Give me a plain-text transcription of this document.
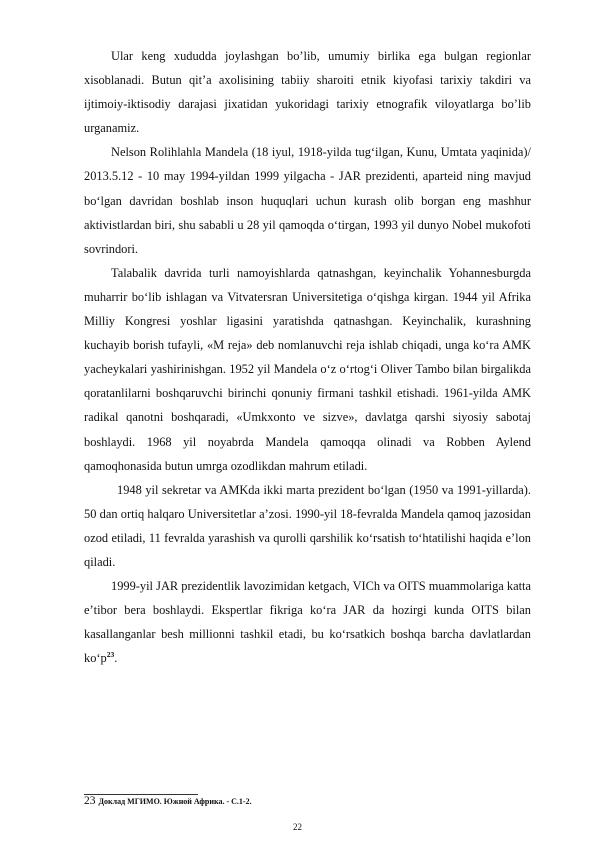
Ular keng xududda joylashgan bo’lib, umumiy birlika ega bulgan regionlar xisoblanadi. Butun qit’a axolisining tabiiy sharoiti etnik kiyofasi tarixiy takdiri va ijtimoiy-iktisodiy darajasi jixatidan yukoridagi tarixiy etnografik viloyatlarga bo’lib urganamiz.

Nelson Rolihlahla Mandela (18 iyul, 1918-yilda tugʻilgan, Kunu, Umtata yaqinida)/ 2013.5.12 - 10 may 1994-yildan 1999 yilgacha - JAR prezidenti, aparteid ning mavjud boʻlgan davridan boshlab inson huquqlari uchun kurash olib borgan eng mashhur aktivistlardan biri, shu sababli u 28 yil qamoqda oʻtirgan, 1993 yil dunyo Nobel mukofoti sovrindori.

Talabalik davrida turli namoyishlarda qatnashgan, keyinchalik Yohannesburgda muharrir boʻlib ishlagan va Vitvatersran Universitetiga oʻqishga kirgan. 1944 yil Afrika Milliy Kongresi yoshlar ligasini yaratishda qatnashgan. Keyinchalik, kurashning kuchayib borish tufayli, «M reja» deb nomlanuvchi reja ishlab chiqadi, unga koʻra AMK yacheykalari yashirinishgan. 1952 yil Mandela oʻz oʻrtogʻi Oliver Tambo bilan birgalikda qoratanlilarni boshqaruvchi birinchi qonuniy firmani tashkil etishadi. 1961-yilda AMK radikal qanotni boshqaradi, «Umkxonto ve sizve», davlatga qarshi siyosiy sabotaj boshlaydi. 1968 yil noyabrda Mandela qamoqqa olinadi va Robben Aylend qamoqhonasida butun umrga ozodlikdan mahrum etiladi.

1948 yil sekretar va AMKda ikki marta prezident boʻlgan (1950 va 1991-yillarda). 50 dan ortiq halqaro Universitetlar aʼzosi. 1990-yil 18-fevralda Mandela qamoq jazosidan ozod etiladi, 11 fevralda yarashish va qurolli qarshilik koʻrsatish toʻhtatilishi haqida eʼlon qiladi.

1999-yil JAR prezidentlik lavozimidan ketgach, VICh va OITS muammolariga katta eʼtibor bera boshlaydi. Ekspertlar fikriga koʻra JAR da hozirgi kunda OITS bilan kasallanganlar besh millionni tashkil etadi, bu koʻrsatkich boshqa barcha davlatlardan koʻp$^{23}$.

23 Доклад МГИМО. Южной Африка. - С.1-2.
22
